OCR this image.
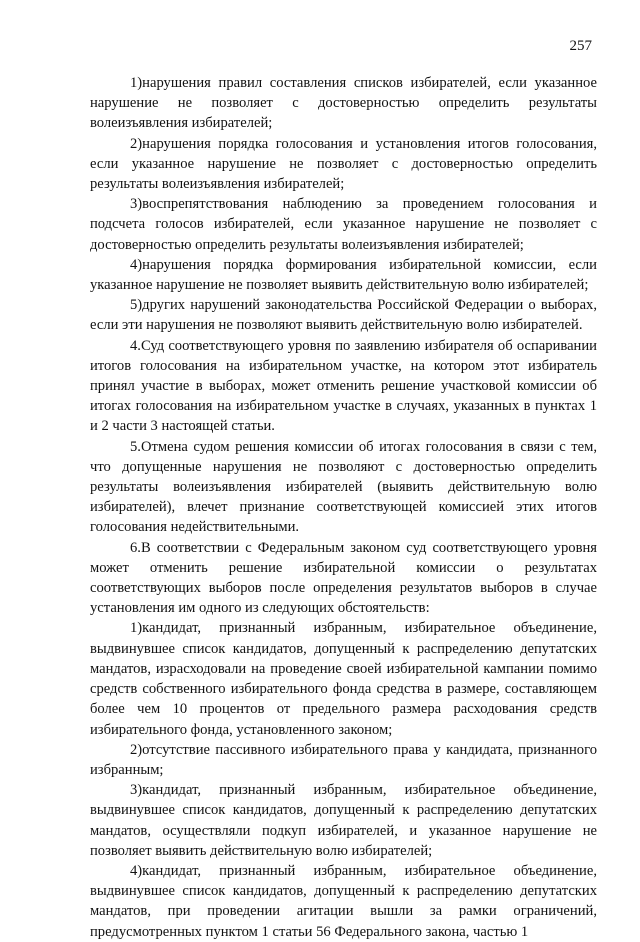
257

1)нарушения правил составления списков избирателей, если указанное нарушение не позволяет с достоверностью определить результаты волеизъявления избирателей;

2)нарушения порядка голосования и установления итогов голосования, если указанное нарушение не позволяет с достоверностью определить результаты волеизъявления избирателей;

3)воспрепятствования наблюдению за проведением голосования и подсчета голосов избирателей, если указанное нарушение не позволяет с достоверностью определить результаты волеизъявления избирателей;

4)нарушения порядка формирования избирательной комиссии, если указанное нарушение не позволяет выявить действительную волю избирателей;

5)других нарушений законодательства Российской Федерации о выборах, если эти нарушения не позволяют выявить действительную волю избирателей.

4.Суд соответствующего уровня по заявлению избирателя об оспаривании итогов голосования на избирательном участке, на котором этот избиратель принял участие в выборах, может отменить решение участковой комиссии об итогах голосования на избирательном участке в случаях, указанных в пунктах 1 и 2 части 3 настоящей статьи.

5.Отмена судом решения комиссии об итогах голосования в связи с тем, что допущенные нарушения не позволяют с достоверностью определить результаты волеизъявления избирателей (выявить действительную волю избирателей), влечет признание соответствующей комиссией этих итогов голосования недействительными.

6.В соответствии с Федеральным законом суд соответствующего уровня может отменить решение избирательной комиссии о результатах соответствующих выборов после определения результатов выборов в случае установления им одного из следующих обстоятельств:

1)кандидат, признанный избранным, избирательное объединение, выдвинувшее список кандидатов, допущенный к распределению депутатских мандатов, израсходовали на проведение своей избирательной кампании помимо средств собственного избирательного фонда средства в размере, составляющем более чем 10 процентов от предельного размера расходования средств избирательного фонда, установленного законом;

2)отсутствие пассивного избирательного права у кандидата, признанного избранным;

3)кандидат, признанный избранным, избирательное объединение, выдвинувшее список кандидатов, допущенный к распределению депутатских мандатов, осуществляли подкуп избирателей, и указанное нарушение не позволяет выявить действительную волю избирателей;

4)кандидат, признанный избранным, избирательное объединение, выдвинувшее список кандидатов, допущенный к распределению депутатских мандатов, при проведении агитации вышли за рамки ограничений, предусмотренных пунктом 1 статьи 56 Федерального закона, частью 1
